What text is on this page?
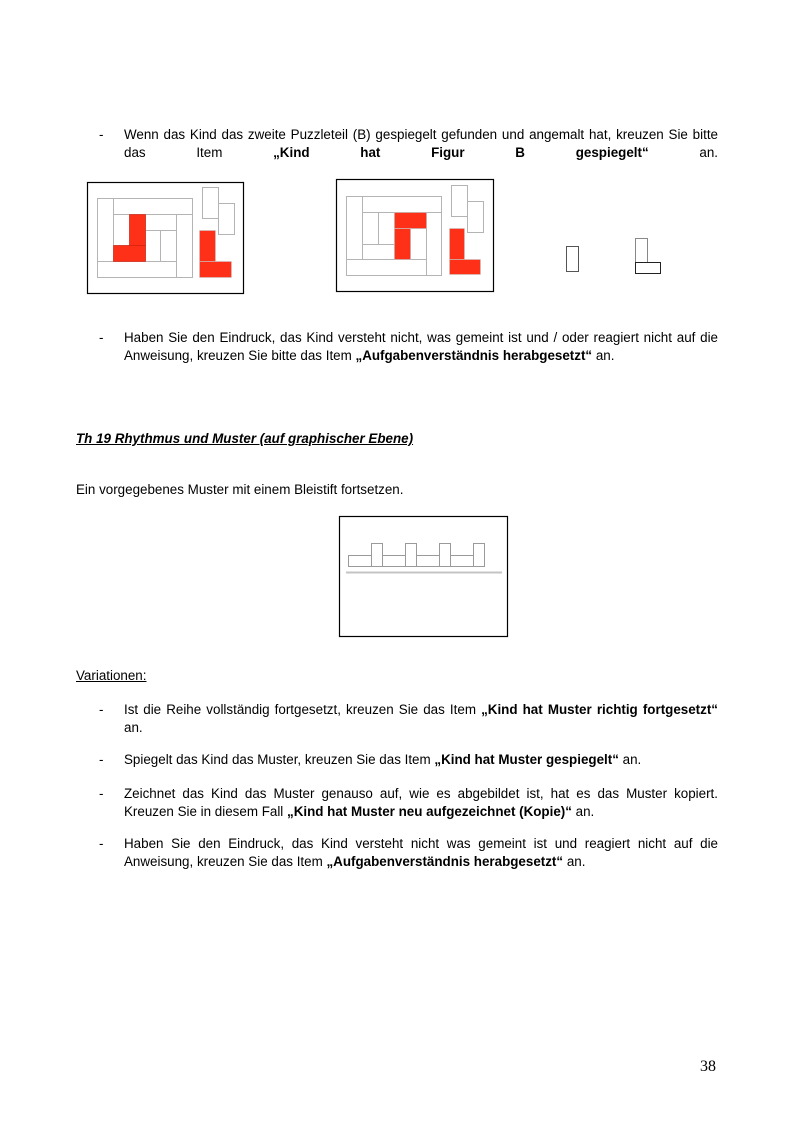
- Wenn das Kind das zweite Puzzleteil (B) gespiegelt gefunden und angemalt hat, kreuzen Sie bitte das Item „Kind hat Figur B gespiegelt“ an.
- Haben Sie den Eindruck, das Kind versteht nicht, was gemeint ist und / oder reagiert nicht auf die Anweisung, kreuzen Sie bitte das Item „Aufgabenverständnis herabgesetzt“ an.
Th 19 Rhythmus und Muster (auf graphischer Ebene)
Ein vorgegebenes Muster mit einem Bleistift fortsetzen.
Variationen:
- Ist die Reihe vollständig fortgesetzt, kreuzen Sie das Item „Kind hat Muster richtig fortgesetzt“ an.
- Spiegelt das Kind das Muster, kreuzen Sie das Item „Kind hat Muster gespiegelt“ an.
- Zeichnet das Kind das Muster genauso auf, wie es abgebildet ist, hat es das Muster kopiert. Kreuzen Sie in diesem Fall „Kind hat Muster neu aufgezeichnet (Kopie)“ an.
- Haben Sie den Eindruck, das Kind versteht nicht was gemeint ist und reagiert nicht auf die Anweisung, kreuzen Sie das Item „Aufgabenverständnis herabgesetzt“ an.
38
